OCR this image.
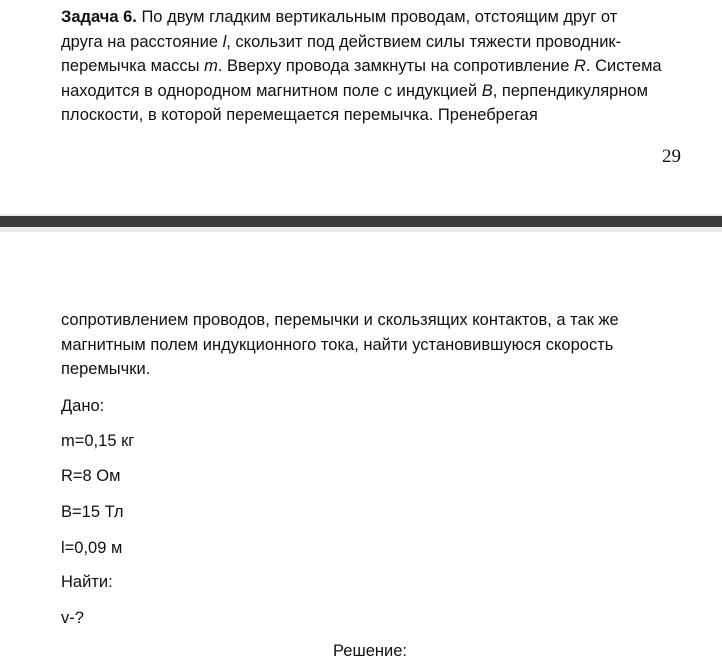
Задача 6. По двум гладким вертикальным проводам, отстоящим друг от

друга на расстояние l, скользит под действием силы тяжести проводник-

перемычка массы m. Вверху провода замкнуты на сопротивление R. Система

находится в однородном магнитном поле с индукцией B, перпендикулярном

плоскости, в которой перемещается перемычка. Пренебрегая

29

сопротивлением проводов, перемычки и скользящих контактов, а так же

магнитным полем индукционного тока, найти установившуюся скорость

перемычки.

Дано:
m=0,15 кг
R=8 Ом
B=15 Тл
l=0,09 м
Найти:
v-?
Решение:
